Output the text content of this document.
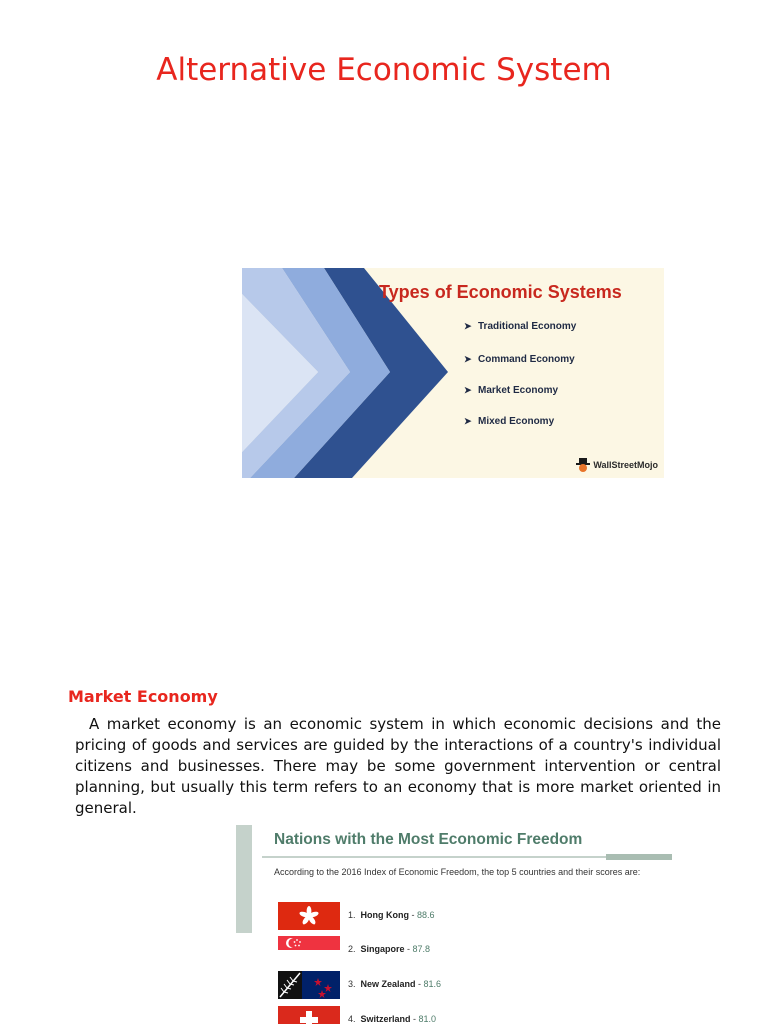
Alternative Economic System
Types of Economic Systems
➤ Traditional Economy
➤ Command Economy
➤ Market Economy
➤ Mixed Economy
WallStreetMojo
Market Economy

A market economy is an economic system in which economic decisions and the pricing of goods and services are guided by the interactions of a country's individual citizens and businesses. There may be some government intervention or central planning, but usually this term refers to an economy that is more market oriented in general.

Nations with the Most Economic Freedom
According to the 2016 Index of Economic Freedom, the top 5 countries and their scores are:
1. Hong Kong - 88.6
2. Singapore - 87.8
3. New Zealand - 81.6
4. Switzerland - 81.0
